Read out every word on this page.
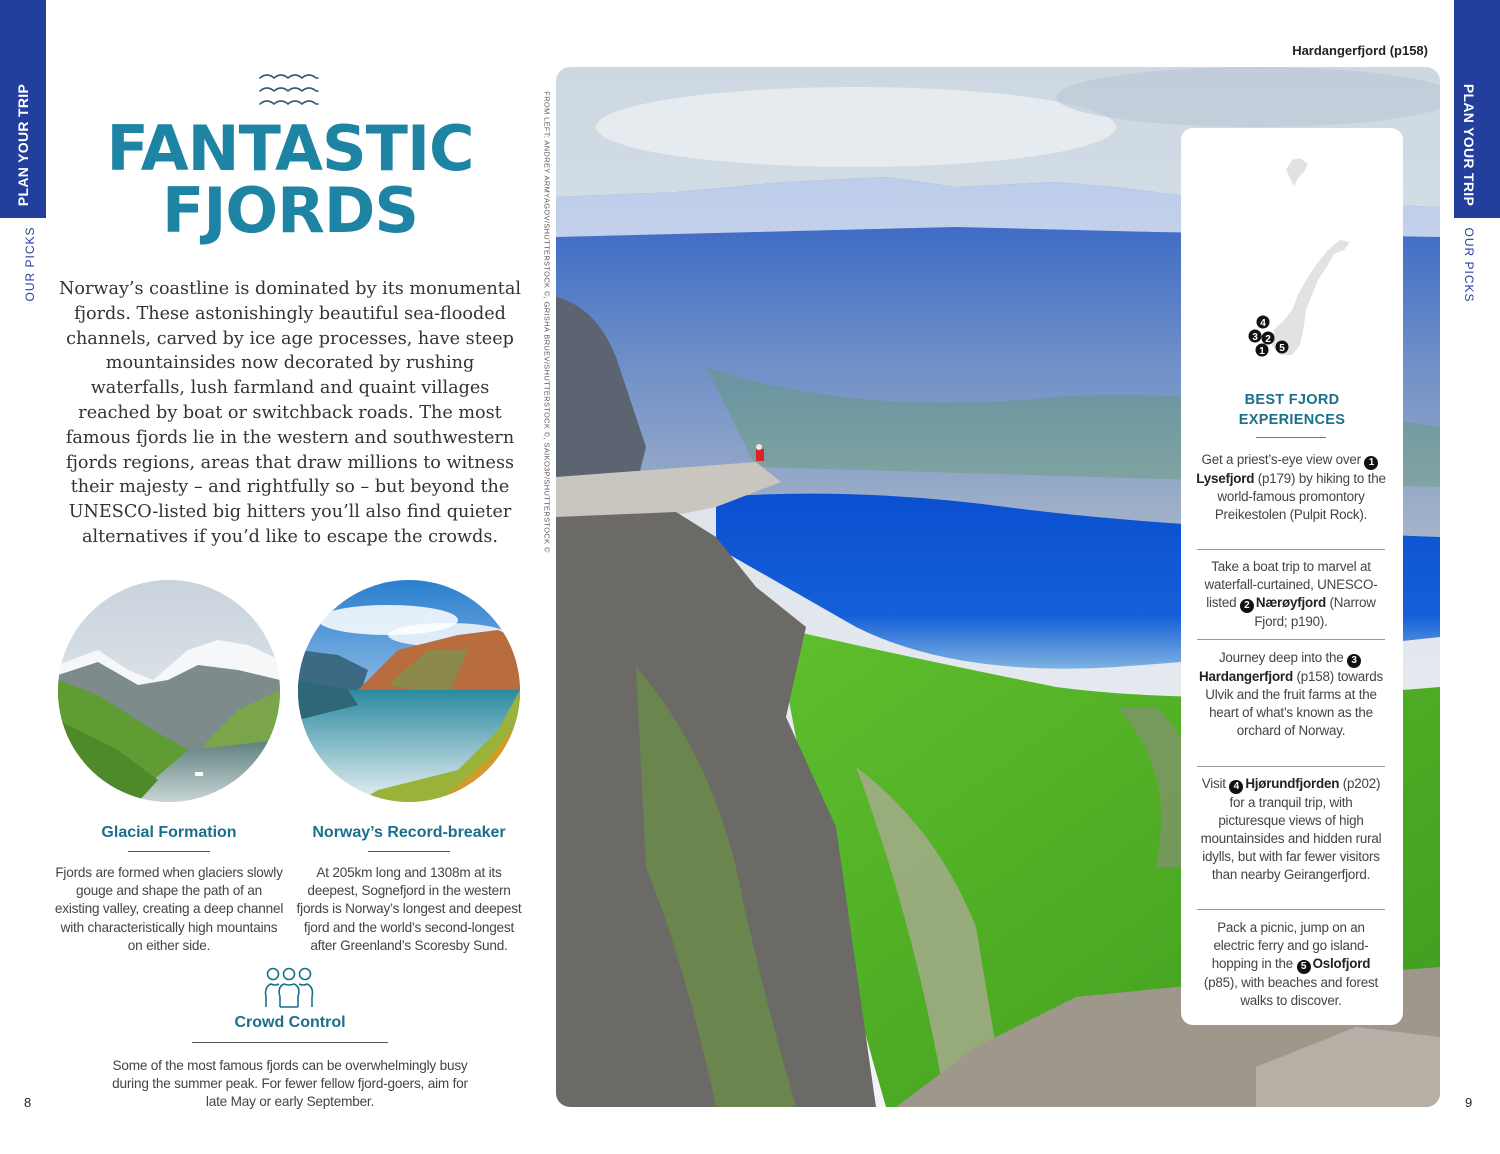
PLAN YOUR TRIP
OUR PICKS
PLAN YOUR TRIP
OUR PICKS
FANTASTIC
FJORDS

Norway’s coastline is dominated by its monumental fjords. These astonishingly beautiful sea-flooded channels, carved by ice age processes, have steep mountainsides now decorated by rushing waterfalls, lush farmland and quaint villages reached by boat or switchback roads. The most famous fjords lie in the western and southwestern fjords regions, areas that draw millions to witness their majesty – and rightfully so – but beyond the UNESCO-listed big hitters you’ll also find quieter alternatives if you’d like to escape the crowds.

Glacial Formation

Fjords are formed when glaciers slowly gouge and shape the path of an existing valley, creating a deep channel with characteristically high mountains on either side.

Norway’s Record-breaker

At 205km long and 1308m at its deepest, Sognefjord in the western fjords is Norway’s longest and deepest fjord and the world’s second-longest after Greenland’s Scoresby Sund.

Crowd Control

Some of the most famous fjords can be overwhelmingly busy during the summer peak. For fewer fellow fjord-goers, aim for late May or early September.

8
FROM LEFT: ANDREY ARMYAGOV/SHUTTERSTOCK ©, GRISHA BRUEV/SHUTTERSTOCK ©, SAIKO3P/SHUTTERSTOCK ©
Hardangerfjord (p158)
4
3 2
1 5
BEST FJORD
EXPERIENCES

Get a priest’s-eye view over 1Lysefjord (p179) by hiking to the world-famous promontory Preikestolen (Pulpit Rock).

Take a boat trip to marvel at waterfall-curtained, UNESCO-listed 2 Nærøyfjord (Narrow Fjord; p190).

Journey deep into the 3Hardangerfjord (p158) towards Ulvik and the fruit farms at the heart of what’s known as the orchard of Norway.

Visit 4 Hjørundfjorden (p202) for a tranquil trip, with picturesque views of high mountainsides and hidden rural idylls, but with far fewer visitors than nearby Geirangerfjord.

Pack a picnic, jump on an electric ferry and go island-hopping in the 5 Oslofjord (p85), with beaches and forest walks to discover.

9
